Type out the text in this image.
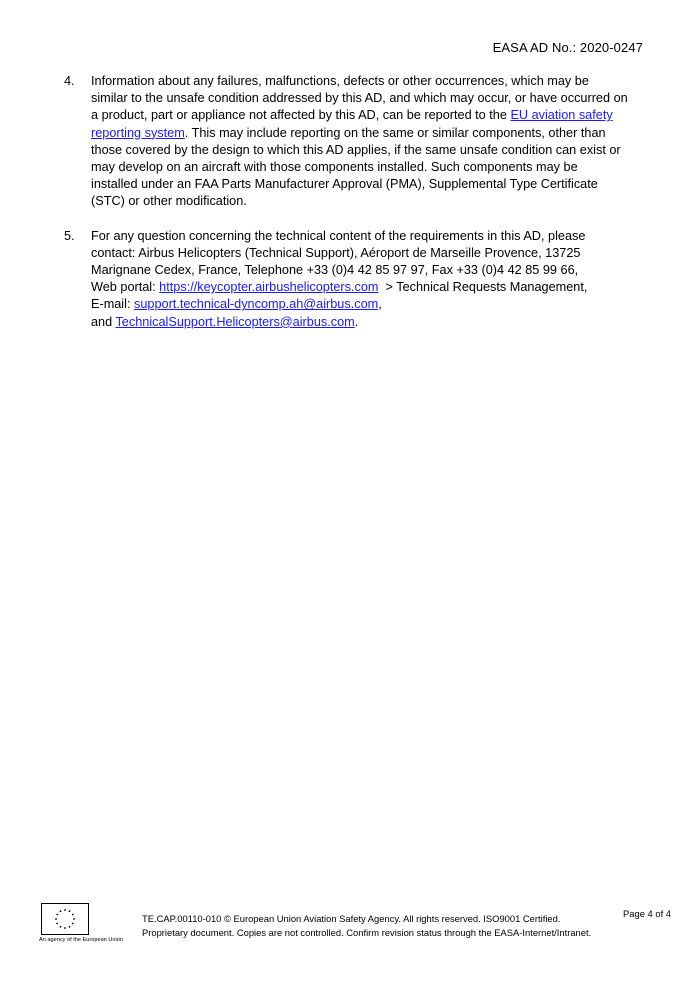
EASA AD No.: 2020-0247
4.	Information about any failures, malfunctions, defects or other occurrences, which may be
similar to the unsafe condition addressed by this AD, and which may occur, or have occurred on
a product, part or appliance not affected by this AD, can be reported to the EU aviation safety
reporting system. This may include reporting on the same or similar components, other than
those covered by the design to which this AD applies, if the same unsafe condition can exist or
may develop on an aircraft with those components installed. Such components may be
installed under an FAA Parts Manufacturer Approval (PMA), Supplemental Type Certificate
(STC) or other modification.
5.	For any question concerning the technical content of the requirements in this AD, please
contact: Airbus Helicopters (Technical Support), Aéroport de Marseille Provence, 13725
Marignane Cedex, France, Telephone +33 (0)4 42 85 97 97, Fax +33 (0)4 42 85 99 66,
Web portal: https://keycopter.airbushelicopters.com  > Technical Requests Management,
E-mail: support.technical-dyncomp.ah@airbus.com,
and TechnicalSupport.Helicopters@airbus.com.
An agency of the European Union
TE.CAP.00110-010 © European Union Aviation Safety Agency. All rights reserved. ISO9001 Certified.
Proprietary document. Copies are not controlled. Confirm revision status through the EASA-Internet/Intranet.
Page 4 of 4
